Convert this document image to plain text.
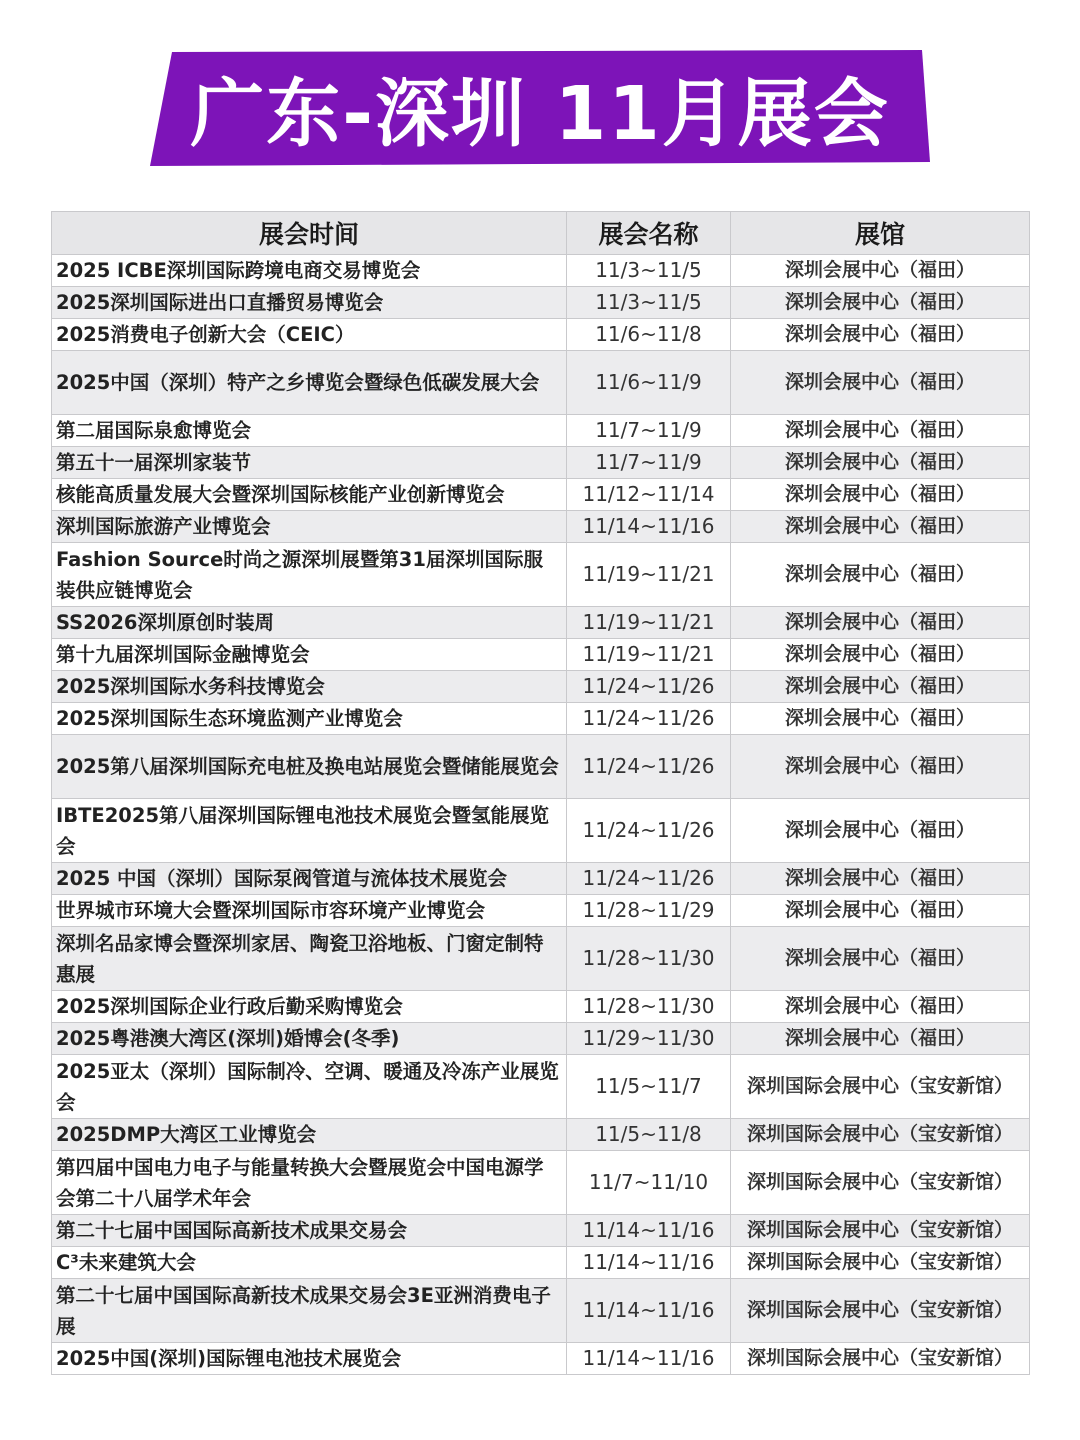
广东-深圳 11月展会
展会时间	展会名称	展馆
2025 ICBE深圳国际跨境电商交易博览会	11/3~11/5	深圳会展中心（福田）
2025深圳国际进出口直播贸易博览会	11/3~11/5	深圳会展中心（福田）
2025消费电子创新大会（CEIC）	11/6~11/8	深圳会展中心（福田）
2025中国（深圳）特产之乡博览会暨绿色低碳发展大会	11/6~11/9	深圳会展中心（福田）
第二届国际泉愈博览会	11/7~11/9	深圳会展中心（福田）
第五十一届深圳家装节	11/7~11/9	深圳会展中心（福田）
核能高质量发展大会暨深圳国际核能产业创新博览会	11/12~11/14	深圳会展中心（福田）
深圳国际旅游产业博览会	11/14~11/16	深圳会展中心（福田）
Fashion Source时尚之源深圳展暨第31届深圳国际服装供应链博览会	11/19~11/21	深圳会展中心（福田）
SS2026深圳原创时装周	11/19~11/21	深圳会展中心（福田）
第十九届深圳国际金融博览会	11/19~11/21	深圳会展中心（福田）
2025深圳国际水务科技博览会	11/24~11/26	深圳会展中心（福田）
2025深圳国际生态环境监测产业博览会	11/24~11/26	深圳会展中心（福田）
2025第八届深圳国际充电桩及换电站展览会暨储能展览会	11/24~11/26	深圳会展中心（福田）
IBTE2025第八届深圳国际锂电池技术展览会暨氢能展览会	11/24~11/26	深圳会展中心（福田）
2025 中国（深圳）国际泵阀管道与流体技术展览会	11/24~11/26	深圳会展中心（福田）
世界城市环境大会暨深圳国际市容环境产业博览会	11/28~11/29	深圳会展中心（福田）
深圳名品家博会暨深圳家居、陶瓷卫浴地板、门窗定制特惠展	11/28~11/30	深圳会展中心（福田）
2025深圳国际企业行政后勤采购博览会	11/28~11/30	深圳会展中心（福田）
2025粤港澳大湾区(深圳)婚博会(冬季)	11/29~11/30	深圳会展中心（福田）
2025亚太（深圳）国际制冷、空调、暖通及冷冻产业展览会	11/5~11/7	深圳国际会展中心（宝安新馆）
2025DMP大湾区工业博览会	11/5~11/8	深圳国际会展中心（宝安新馆）
第四届中国电力电子与能量转换大会暨展览会中国电源学会第二十八届学术年会	11/7~11/10	深圳国际会展中心（宝安新馆）
第二十七届中国国际高新技术成果交易会	11/14~11/16	深圳国际会展中心（宝安新馆）
C³未来建筑大会	11/14~11/16	深圳国际会展中心（宝安新馆）
第二十七届中国国际高新技术成果交易会3E亚洲消费电子展	11/14~11/16	深圳国际会展中心（宝安新馆）
2025中国(深圳)国际锂电池技术展览会	11/14~11/16	深圳国际会展中心（宝安新馆）
